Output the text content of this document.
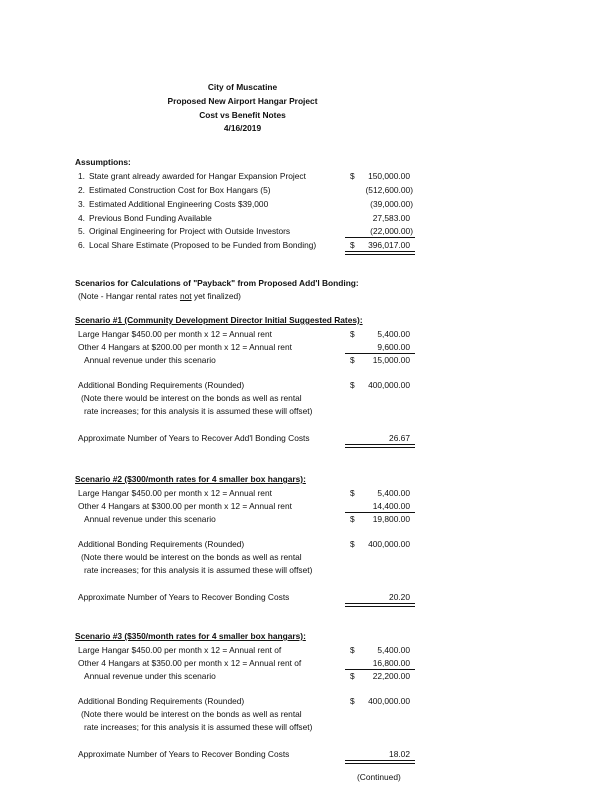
City of Muscatine
Proposed New Airport Hangar Project
Cost vs Benefit Notes
4/16/2019
Assumptions:
1. State grant already awarded for Hangar Expansion Project	$	150,000.00
2. Estimated Construction Cost for Box Hangars (5)	(512,600.00)
3. Estimated Additional Engineering Costs $39,000	(39,000.00)
4. Previous Bond Funding Available	27,583.00
5. Original Engineering for Project with Outside Investors	(22,000.00)
6. Local Share Estimate (Proposed to be Funded from Bonding)	$	396,017.00
Scenarios for Calculations of "Payback" from Proposed Add'l Bonding:
(Note - Hangar rental rates not yet finalized)
Scenario #1 (Community Development Director Initial Suggested Rates):
Large Hangar $450.00 per month x 12 = Annual rent	$	5,400.00
Other 4 Hangars at $200.00 per month x 12 = Annual rent	9,600.00
Annual revenue under this scenario	$	15,000.00
Additional Bonding Requirements (Rounded)	$	400,000.00
(Note there would be interest on the bonds as well as rental
rate increases; for this analysis it is assumed these will offset)
Approximate Number of Years to Recover Add'l Bonding Costs	26.67
Scenario #2 ($300/month rates for 4 smaller box hangars):
Large Hangar $450.00 per month x 12 = Annual rent	$	5,400.00
Other 4 Hangars at $300.00 per month x 12 = Annual rent	14,400.00
Annual revenue under this scenario	$	19,800.00
Additional Bonding Requirements (Rounded)	$	400,000.00
(Note there would be interest on the bonds as well as rental
rate increases; for this analysis it is assumed these will offset)
Approximate Number of Years to Recover Bonding Costs	20.20
Scenario #3 ($350/month rates for 4 smaller box hangars):
Large Hangar $450.00 per month x 12 = Annual rent of	$	5,400.00
Other 4 Hangars at $350.00 per month x 12 = Annual rent of	16,800.00
Annual revenue under this scenario	$	22,200.00
Additional Bonding Requirements (Rounded)	$	400,000.00
(Note there would be interest on the bonds as well as rental
rate increases; for this analysis it is assumed these will offset)
Approximate Number of Years to Recover Bonding Costs	18.02
(Continued)
